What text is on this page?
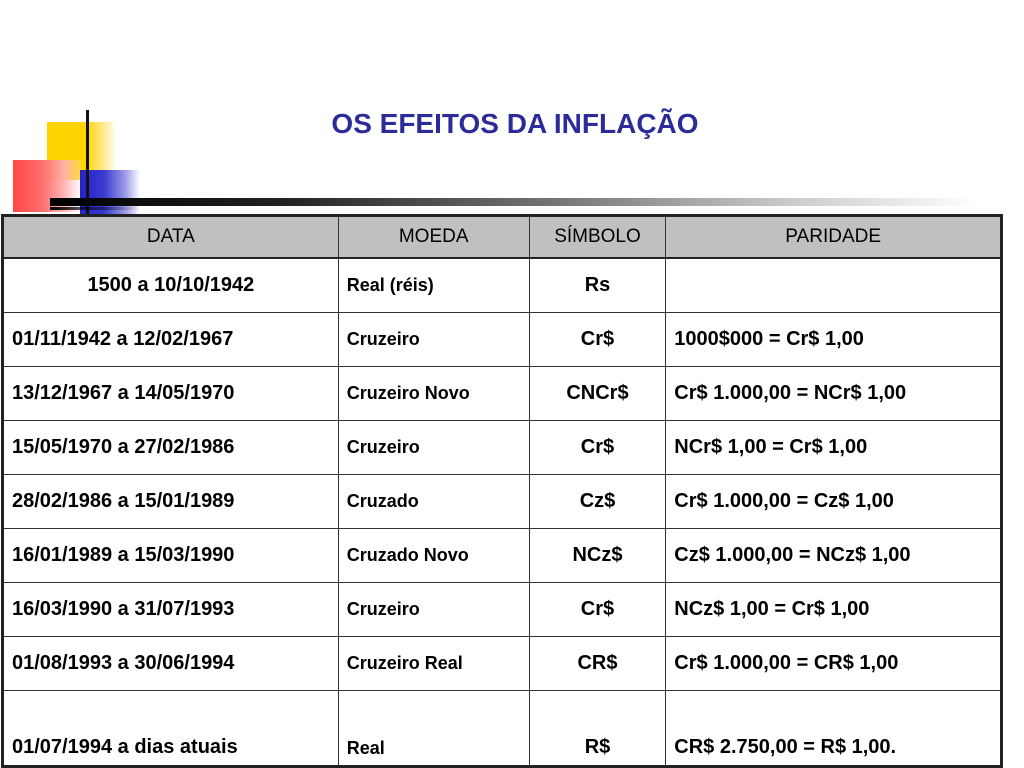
OS EFEITOS DA INFLAÇÃO
DATA	MOEDA	SÍMBOLO	PARIDADE
1500 a 10/10/1942	Real (réis)	Rs	
01/11/1942 a 12/02/1967	Cruzeiro	Cr$	1000$000 = Cr$ 1,00
13/12/1967 a 14/05/1970	Cruzeiro Novo	CNCr$	Cr$ 1.000,00 = NCr$ 1,00
15/05/1970 a 27/02/1986	Cruzeiro	Cr$	NCr$ 1,00 = Cr$ 1,00
28/02/1986 a 15/01/1989	Cruzado	Cz$	Cr$ 1.000,00 = Cz$ 1,00
16/01/1989 a 15/03/1990	Cruzado Novo	NCz$	Cz$ 1.000,00 = NCz$ 1,00
16/03/1990 a 31/07/1993	Cruzeiro	Cr$	NCz$ 1,00 = Cr$ 1,00
01/08/1993 a 30/06/1994	Cruzeiro Real	CR$	Cr$ 1.000,00 = CR$ 1,00
01/07/1994 a dias atuais	Real	R$	CR$ 2.750,00 = R$ 1,00.
